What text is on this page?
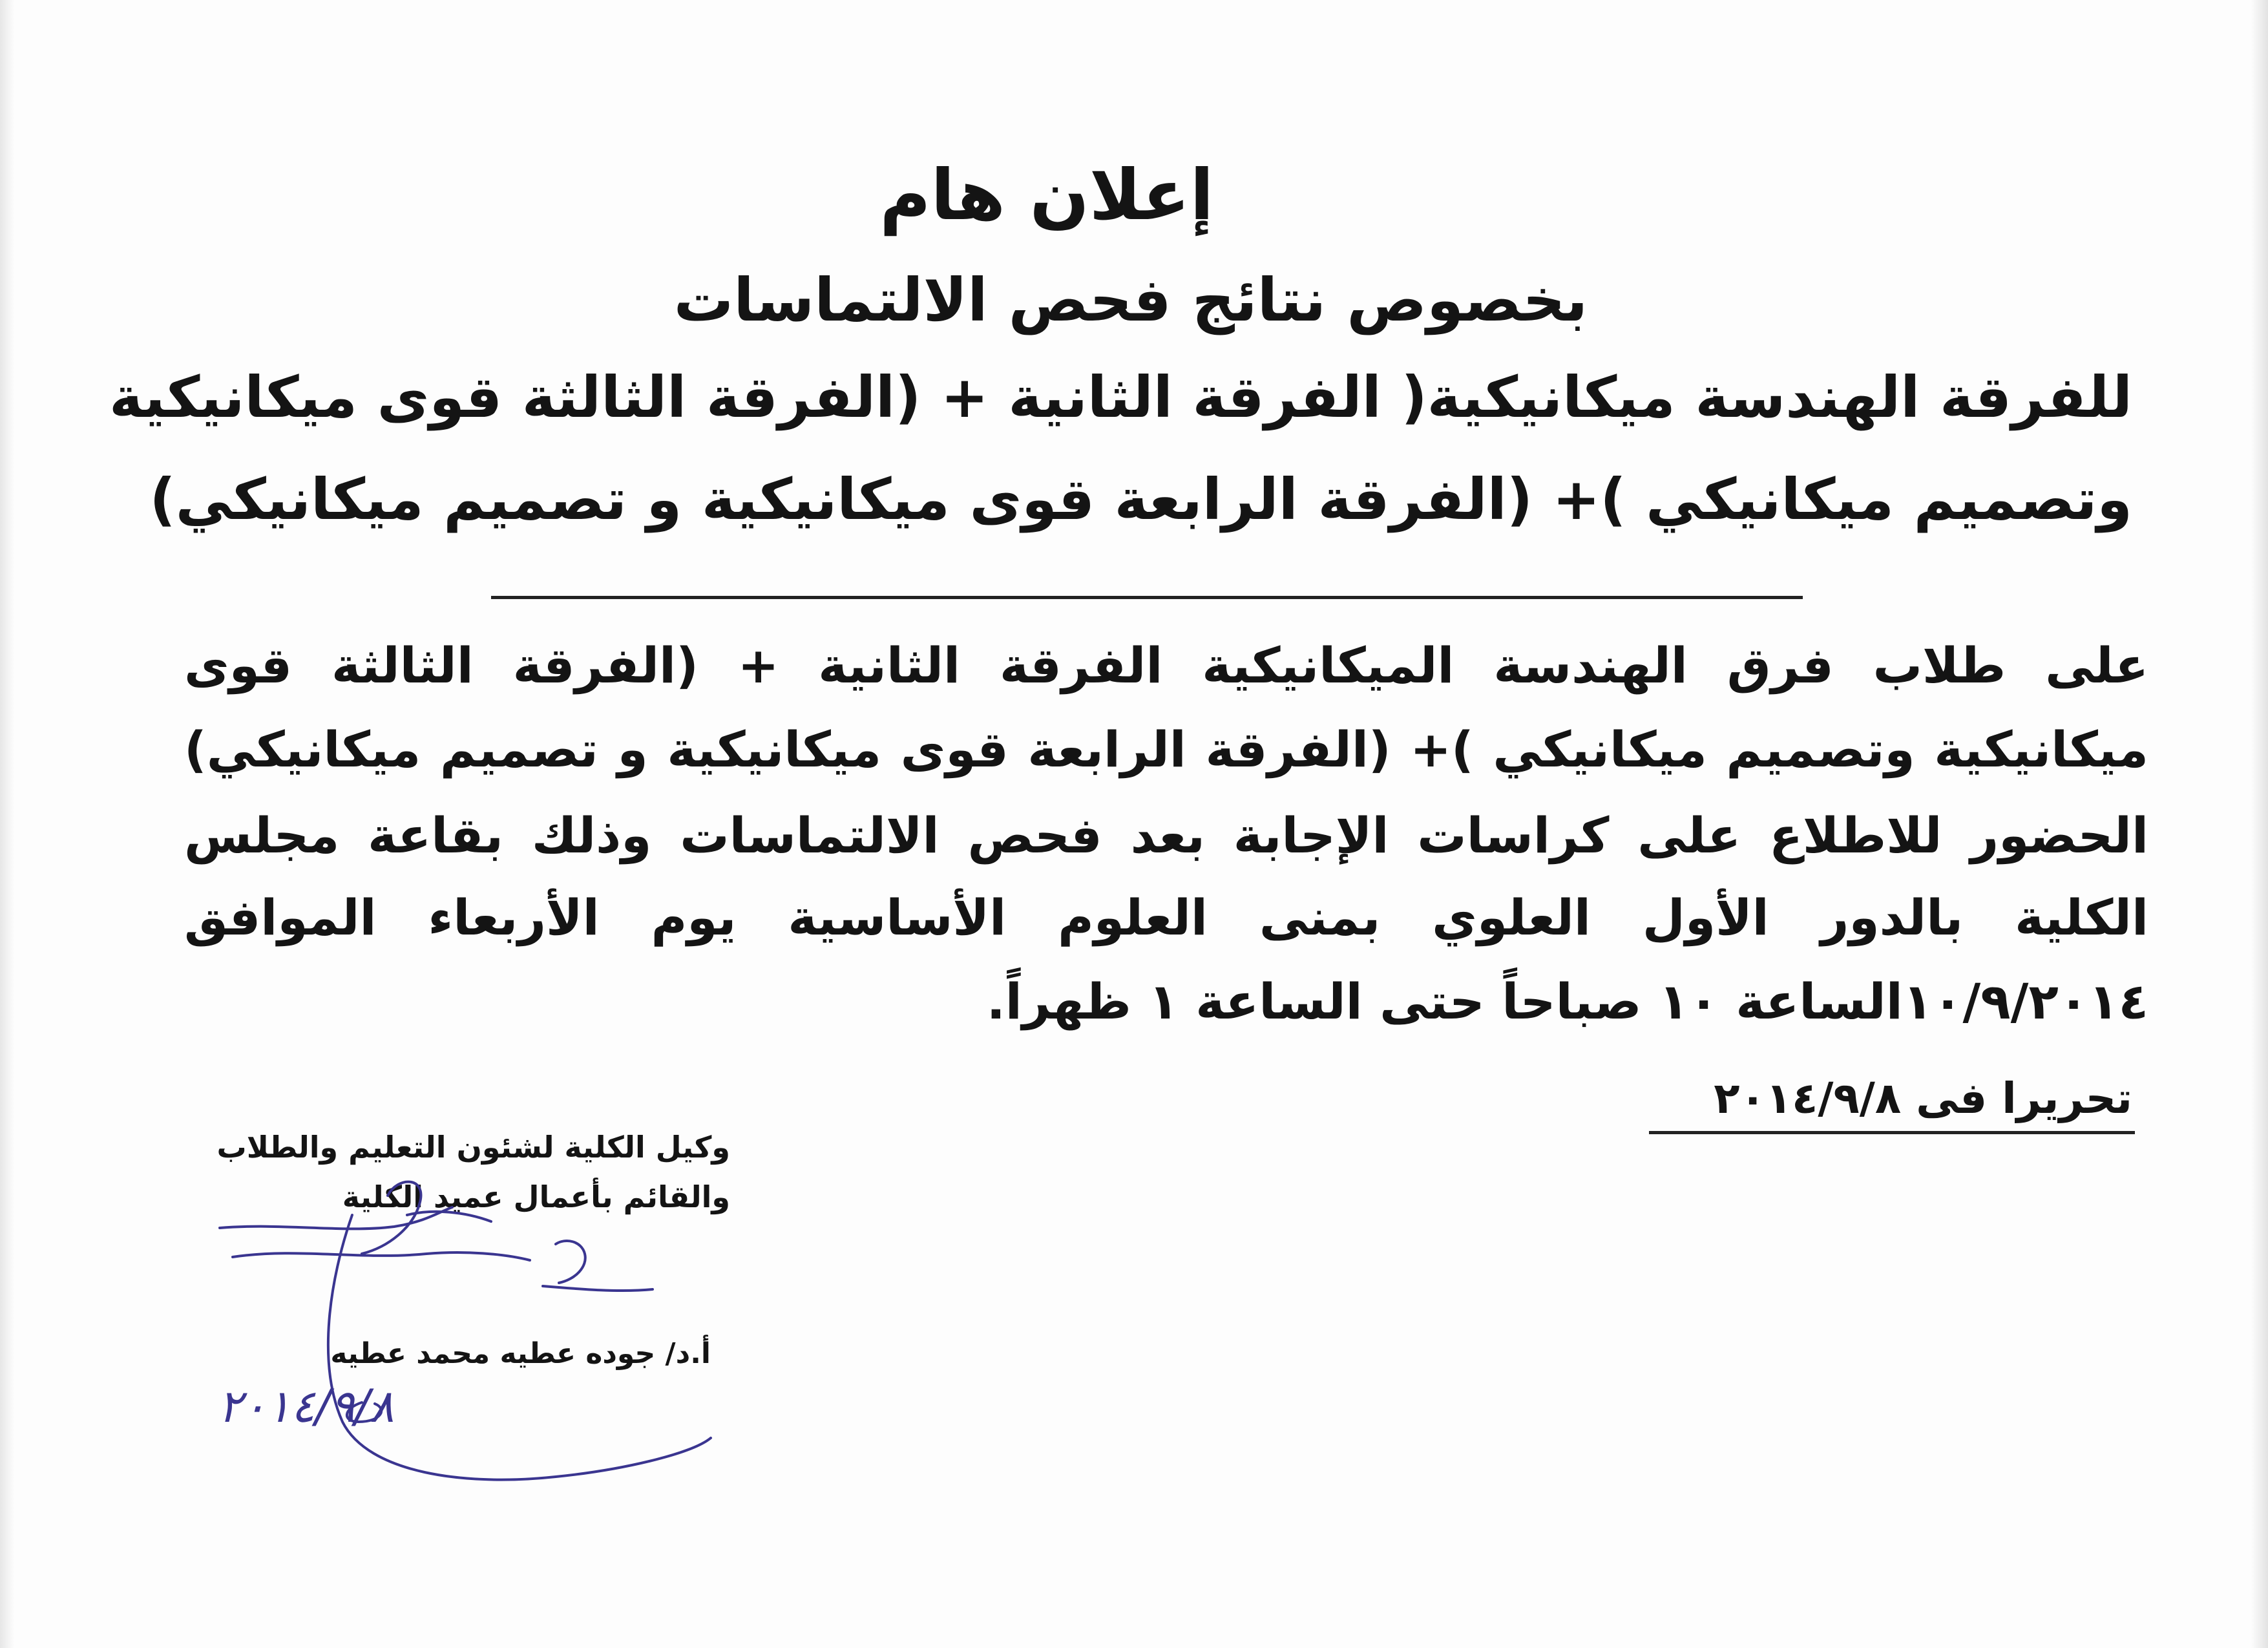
إعلان هام
بخصوص نتائج فحص الالتماسات
للفرقة الهندسة ميكانيكية( الفرقة الثانية + (الفرقة الثالثة قوى ميكانيكية
وتصميم ميكانيكي )+ (الفرقة الرابعة قوى ميكانيكية و تصميم ميكانيكي)
على طلاب فرق الهندسة الميكانيكية الفرقة الثانية + (الفرقة الثالثة قوى
ميكانيكية وتصميم ميكانيكي )+ (الفرقة الرابعة قوى ميكانيكية و تصميم ميكانيكي)
الحضور للاطلاع على كراسات الإجابة بعد فحص الالتماسات وذلك بقاعة مجلس
الكلية بالدور الأول العلوي بمنى العلوم الأساسية يوم الأربعاء الموافق
١٠/٩/٢٠١٤الساعة ١٠ صباحاً حتى الساعة ١ ظهراً.
تحريرا فى ٢٠١٤/٩/٨
وكيل الكلية لشئون التعليم والطلاب
والقائم بأعمال عميد الكلية
أ.د/ جوده عطيه محمد عطيه
٢٠١٤/٩/٨
